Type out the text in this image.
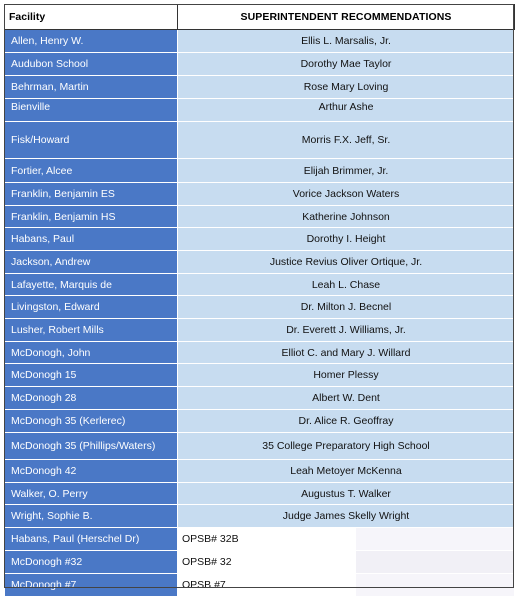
Facility	SUPERINTENDENT RECOMMENDATIONS	
Allen, Henry W.	Ellis L. Marsalis, Jr.	
Audubon School	Dorothy Mae Taylor	
Behrman, Martin	Rose Mary Loving	
Bienville	Arthur Ashe	
Fisk/Howard	Morris F.X. Jeff, Sr.	
Fortier, Alcee	Elijah Brimmer, Jr.	
Franklin, Benjamin ES	Vorice Jackson Waters	
Franklin, Benjamin HS	Katherine Johnson	
Habans, Paul	Dorothy I. Height	
Jackson, Andrew	Justice Revius Oliver Ortique, Jr.	
Lafayette, Marquis de	Leah L. Chase	
Livingston, Edward	Dr. Milton J. Becnel	
Lusher, Robert Mills	Dr. Everett J. Williams, Jr.	
McDonogh, John	Elliot C. and Mary J. Willard	
McDonogh 15	Homer Plessy	
McDonogh 28	Albert W. Dent	
McDonogh 35 (Kerlerec)	Dr. Alice R. Geoffray	
McDonogh 35 (Phillips/Waters)	35 College Preparatory High School	
McDonogh 42	Leah Metoyer McKenna	
Walker, O. Perry	Augustus T. Walker	
Wright, Sophie B.	Judge James Skelly Wright	
Habans, Paul (Herschel Dr)	OPSB# 32B	
McDonogh #32	OPSB# 32	
McDonogh #7	OPSB #7	
